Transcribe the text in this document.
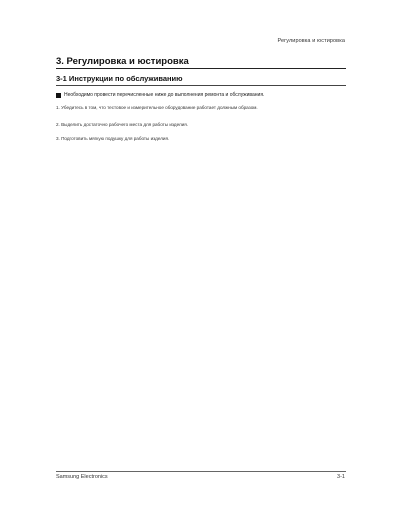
Регулировка и юстировка
3. Регулировка и юстировка
3-1 Инструкции по обслуживанию
Необходимо провести перечисленные ниже до выполнения ремонта и обслуживания.
1. Убедитесь в том, что тестовое и измерительное оборудование работает должным образом.
2. Выделить достаточно рабочего места для работы изделия.
3. Подготовить мягкую подушку для работы изделия.
Samsung Electronics	3-1
